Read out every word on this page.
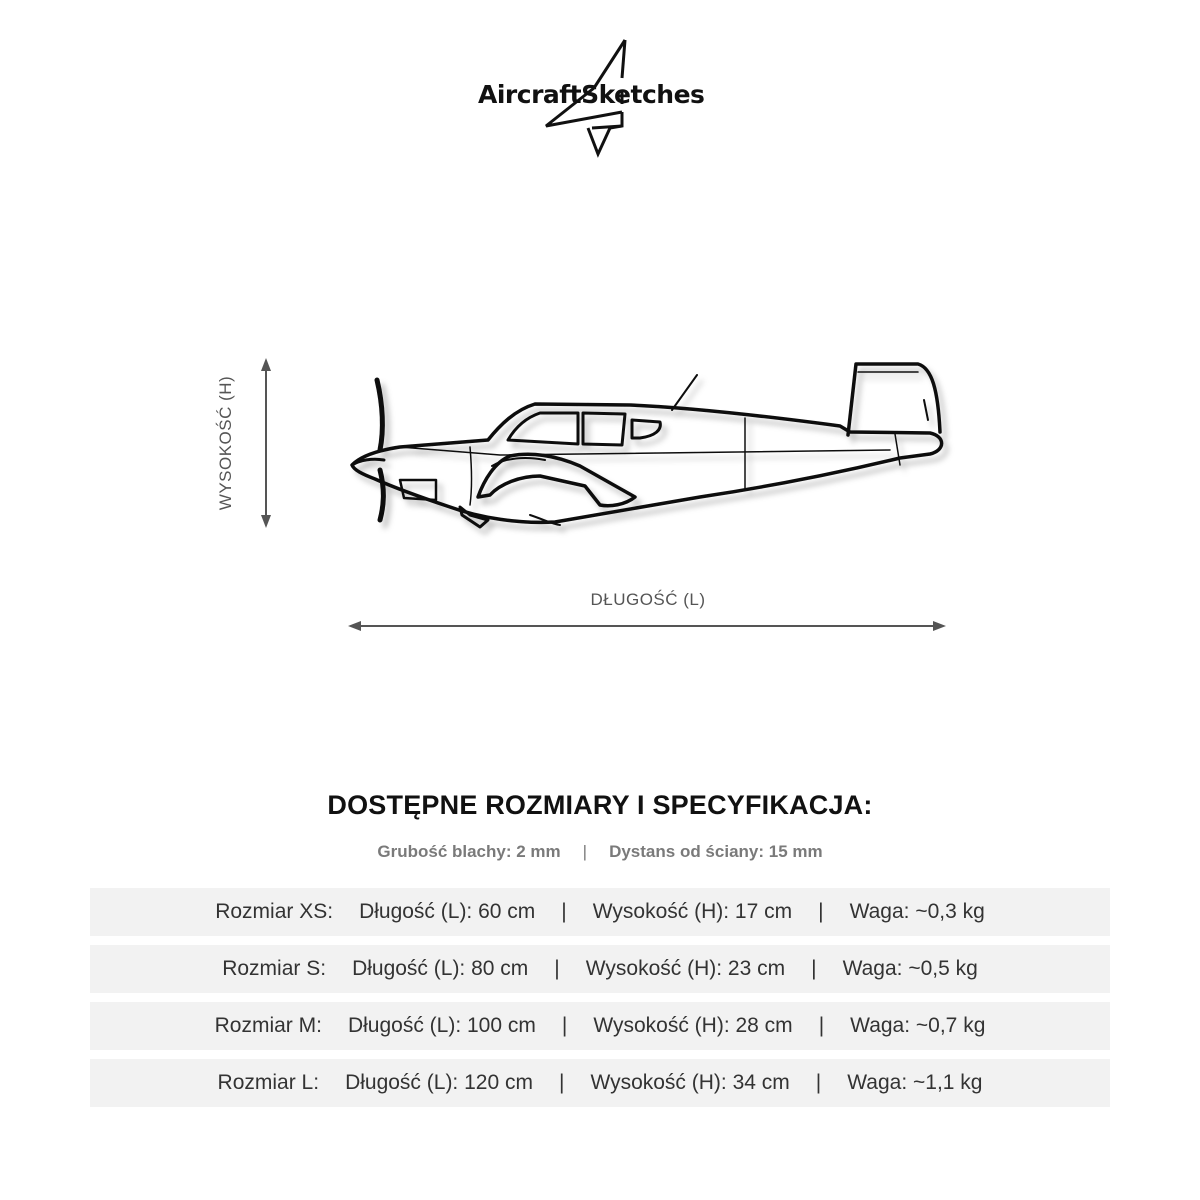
AircraftSketches
WYSOKOŚĆ (H)
DŁUGOŚĆ (L)
DOSTĘPNE ROZMIARY I SPECYFIKACJA:
Grubość blachy: 2 mm | Dystans od ściany: 15 mm
Rozmiar XS: Długość (L): 60 cm | Wysokość (H): 17 cm | Waga: ~0,3 kg
Rozmiar S: Długość (L): 80 cm | Wysokość (H): 23 cm | Waga: ~0,5 kg
Rozmiar M: Długość (L): 100 cm | Wysokość (H): 28 cm | Waga: ~0,7 kg
Rozmiar L: Długość (L): 120 cm | Wysokość (H): 34 cm | Waga: ~1,1 kg
